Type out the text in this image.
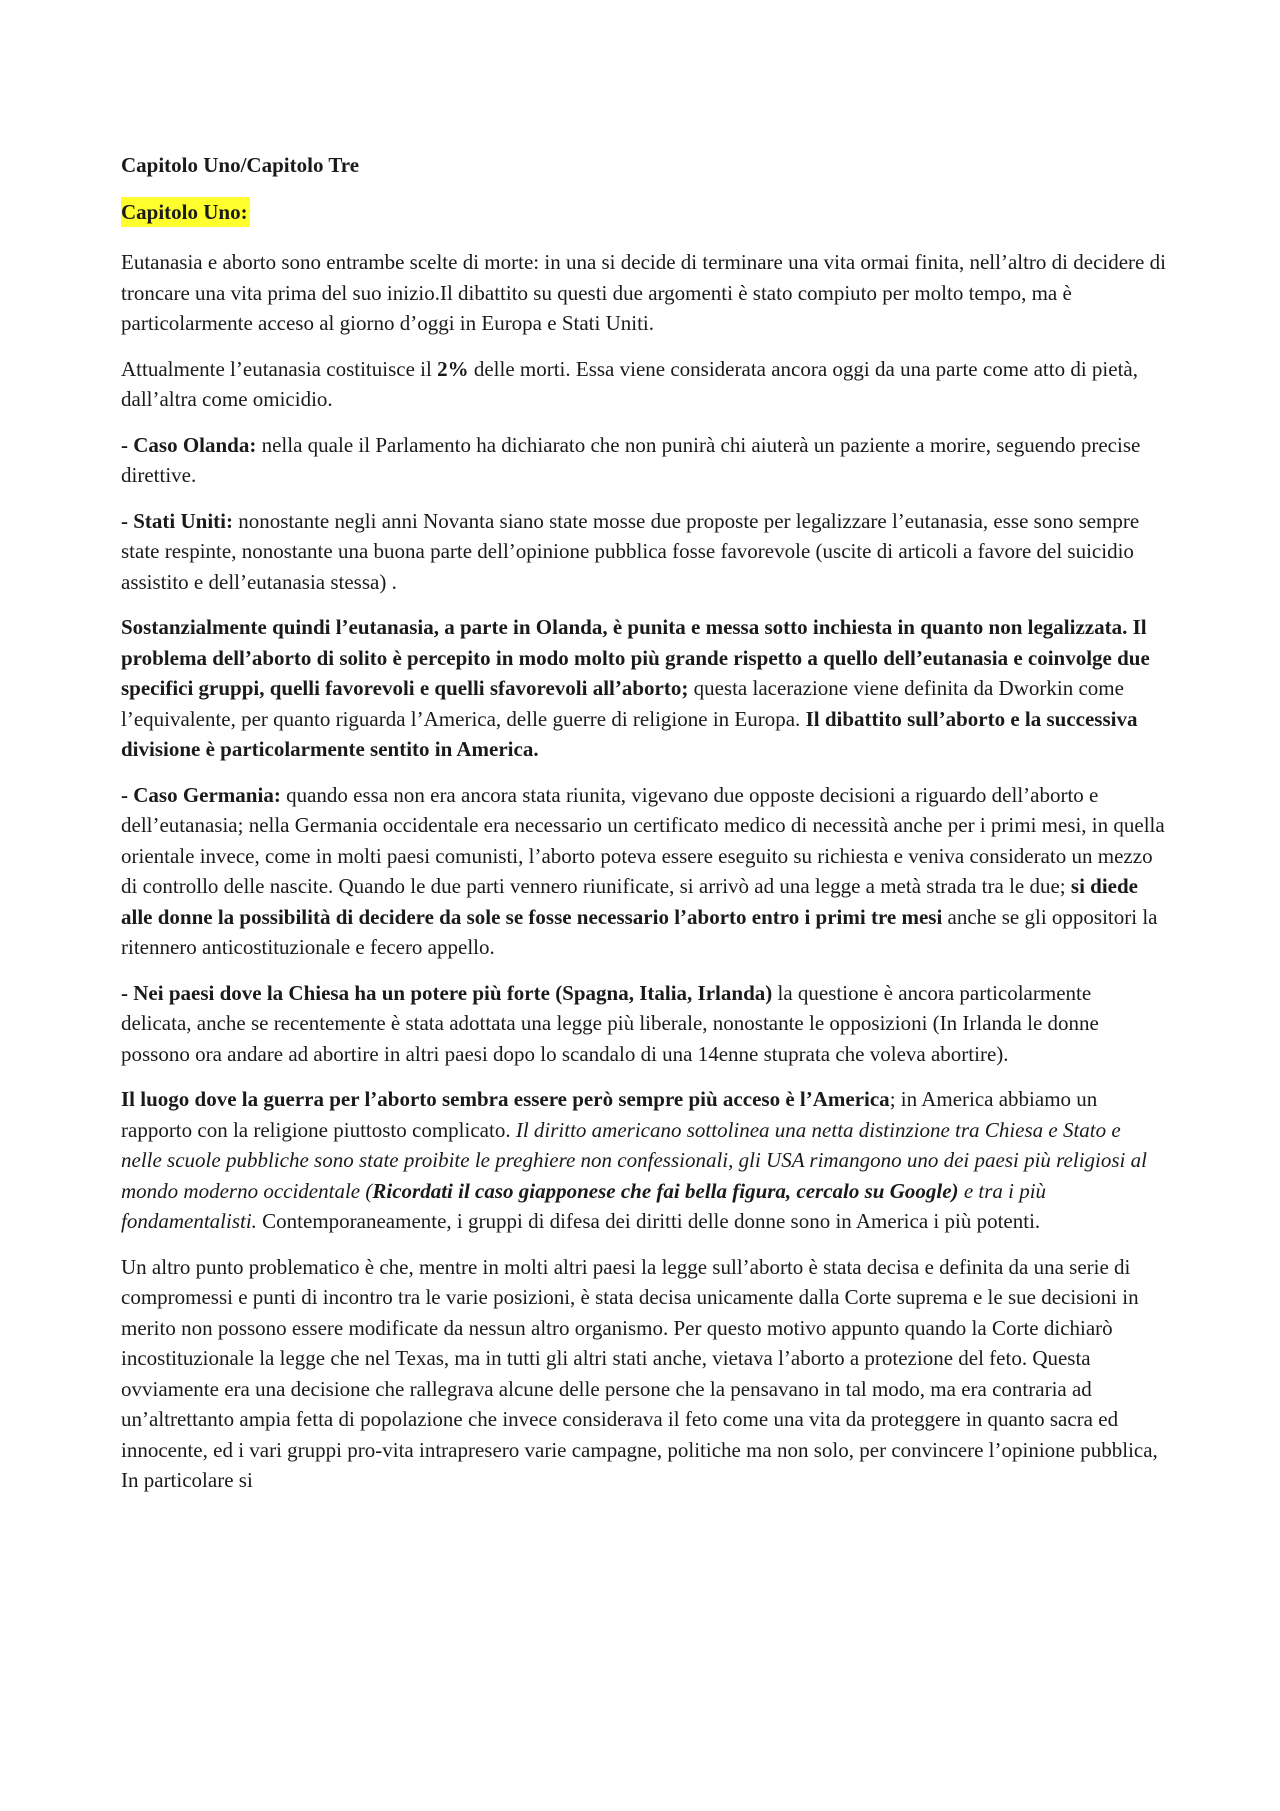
Capitolo Uno/Capitolo Tre

Capitolo Uno:

Eutanasia e aborto sono entrambe scelte di morte: in una si decide di terminare una vita ormai finita, nell’altro di decidere di troncare una vita prima del suo inizio.Il dibattito su questi due argomenti è stato compiuto per molto tempo, ma è particolarmente acceso al giorno d’oggi in Europa e Stati Uniti.

Attualmente l’eutanasia costituisce il 2% delle morti. Essa viene considerata ancora oggi da una parte come atto di pietà, dall’altra come omicidio.

- Caso Olanda: nella quale il Parlamento ha dichiarato che non punirà chi aiuterà un paziente a morire, seguendo precise direttive.

- Stati Uniti: nonostante negli anni Novanta siano state mosse due proposte per legalizzare l’eutanasia, esse sono sempre state respinte, nonostante una buona parte dell’opinione pubblica fosse favorevole (uscite di articoli a favore del suicidio assistito e dell’eutanasia stessa) .

Sostanzialmente quindi l’eutanasia, a parte in Olanda, è punita e messa sotto inchiesta in quanto non legalizzata. Il problema dell’aborto di solito è percepito in modo molto più grande rispetto a quello dell’eutanasia e coinvolge due specifici gruppi, quelli favorevoli e quelli sfavorevoli all’aborto; questa lacerazione viene definita da Dworkin come l’equivalente, per quanto riguarda l’America, delle guerre di religione in Europa. Il dibattito sull’aborto e la successiva divisione è particolarmente sentito in America.

- Caso Germania: quando essa non era ancora stata riunita, vigevano due opposte decisioni a riguardo dell’aborto e dell’eutanasia; nella Germania occidentale era necessario un certificato medico di necessità anche per i primi mesi, in quella orientale invece, come in molti paesi comunisti, l’aborto poteva essere eseguito su richiesta e veniva considerato un mezzo di controllo delle nascite. Quando le due parti vennero riunificate, si arrivò ad una legge a metà strada tra le due; si diede alle donne la possibilità di decidere da sole se fosse necessario l’aborto entro i primi tre mesi anche se gli oppositori la ritennero anticostituzionale e fecero appello.

- Nei paesi dove la Chiesa ha un potere più forte (Spagna, Italia, Irlanda) la questione è ancora particolarmente delicata, anche se recentemente è stata adottata una legge più liberale, nonostante le opposizioni (In Irlanda le donne possono ora andare ad abortire in altri paesi dopo lo scandalo di una 14enne stuprata che voleva abortire).

Il luogo dove la guerra per l’aborto sembra essere però sempre più acceso è l’America; in America abbiamo un rapporto con la religione piuttosto complicato. Il diritto americano sottolinea una netta distinzione tra Chiesa e Stato e nelle scuole pubbliche sono state proibite le preghiere non confessionali, gli USA rimangono uno dei paesi più religiosi al mondo moderno occidentale (Ricordati il caso giapponese che fai bella figura, cercalo su Google) e tra i più fondamentalisti. Contemporaneamente, i gruppi di difesa dei diritti delle donne sono in America i più potenti.

Un altro punto problematico è che, mentre in molti altri paesi la legge sull’aborto è stata decisa e definita da una serie di compromessi e punti di incontro tra le varie posizioni, è stata decisa unicamente dalla Corte suprema e le sue decisioni in merito non possono essere modificate da nessun altro organismo. Per questo motivo appunto quando la Corte dichiarò incostituzionale la legge che nel Texas, ma in tutti gli altri stati anche, vietava l’aborto a protezione del feto. Questa ovviamente era una decisione che rallegrava alcune delle persone che la pensavano in tal modo, ma era contraria ad un’altrettanto ampia fetta di popolazione che invece considerava il feto come una vita da proteggere in quanto sacra ed innocente, ed i vari gruppi pro-vita intrapresero varie campagne, politiche ma non solo, per convincere l’opinione pubblica, In particolare si
